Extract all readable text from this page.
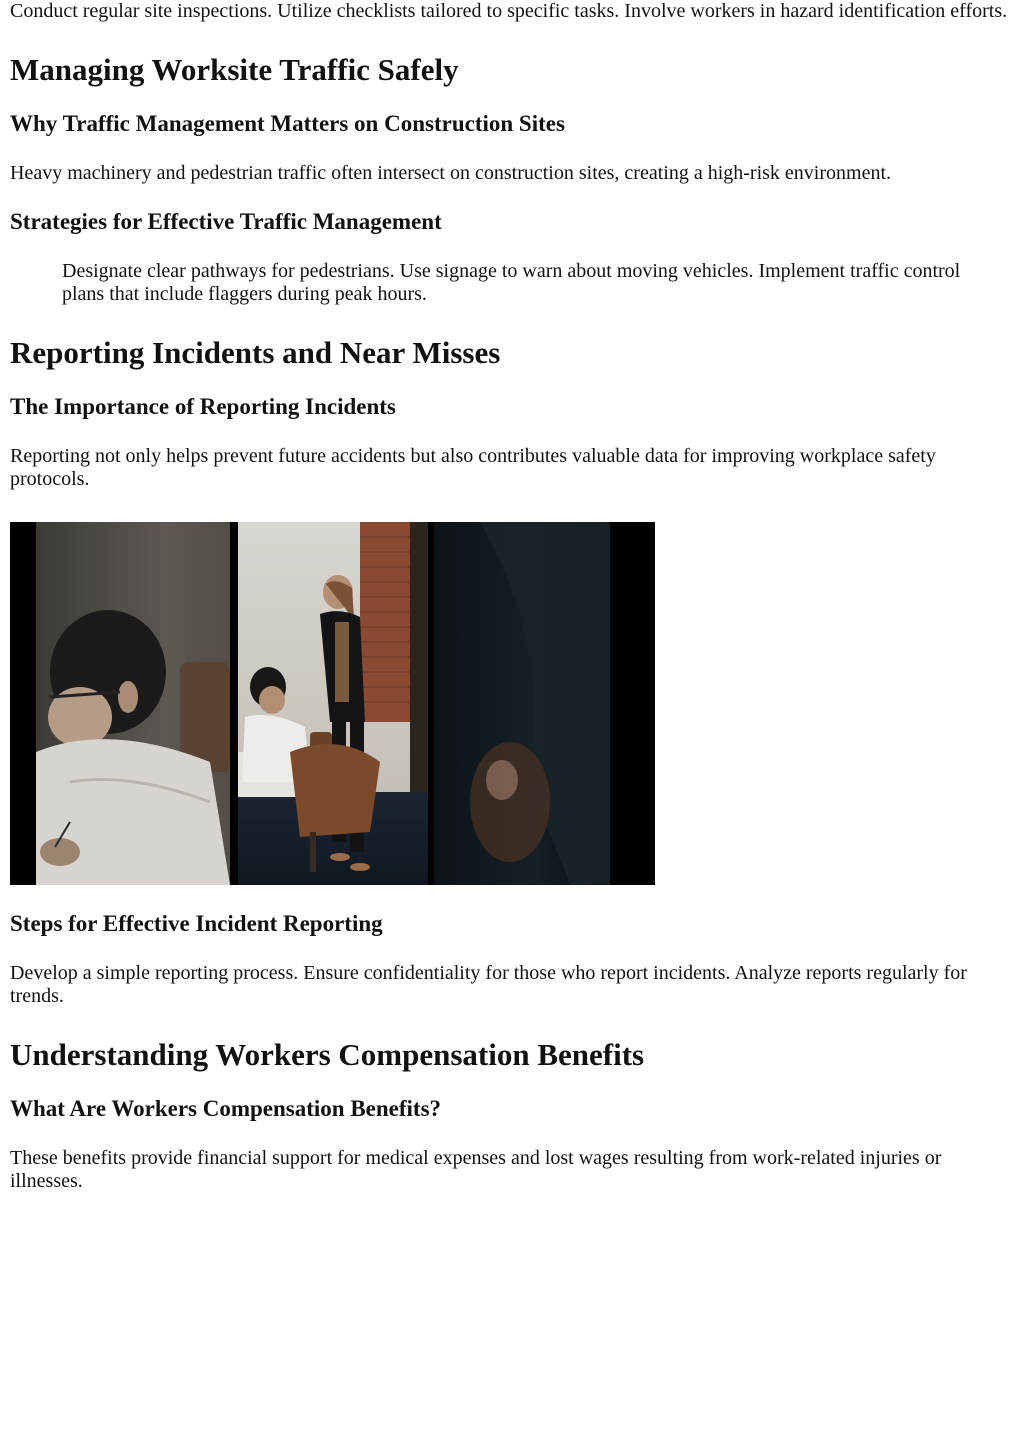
Conduct regular site inspections. Utilize checklists tailored to specific tasks. Involve workers in hazard identification efforts.

Managing Worksite Traffic Safely
Why Traffic Management Matters on Construction Sites

Heavy machinery and pedestrian traffic often intersect on construction sites, creating a high-risk environment.

Strategies for Effective Traffic Management

Designate clear pathways for pedestrians. Use signage to warn about moving vehicles. Implement traffic control plans that include flaggers during peak hours.

Reporting Incidents and Near Misses
The Importance of Reporting Incidents

Reporting not only helps prevent future accidents but also contributes valuable data for improving workplace safety protocols.

Steps for Effective Incident Reporting

Develop a simple reporting process. Ensure confidentiality for those who report incidents. Analyze reports regularly for trends.

Understanding Workers Compensation Benefits
What Are Workers Compensation Benefits?

These benefits provide financial support for medical expenses and lost wages resulting from work-related injuries or illnesses.
